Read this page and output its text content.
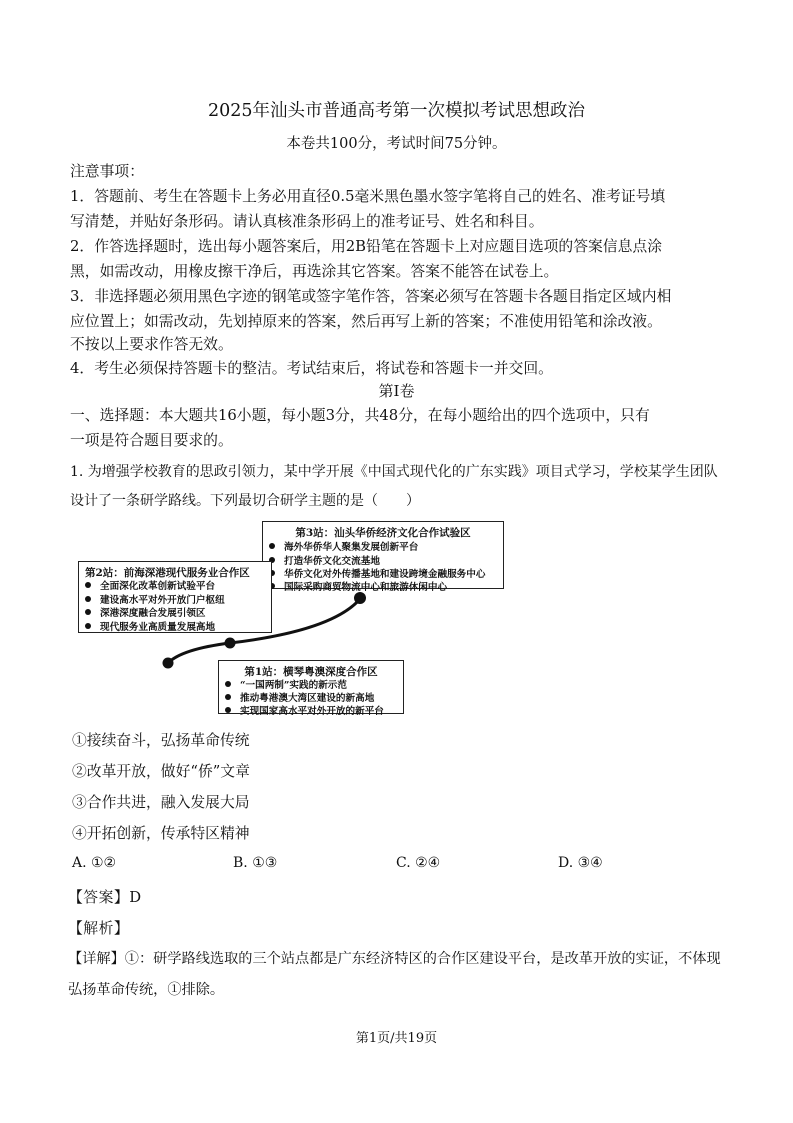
2025年汕头市普通高考第一次模拟考试思想政治
本卷共100分，考试时间75分钟。
注意事项：
1．答题前、考生在答题卡上务必用直径0.5毫米黑色墨水签字笔将自己的姓名、准考证号填
写清楚，并贴好条形码。请认真核准条形码上的准考证号、姓名和科目。
2．作答选择题时，选出每小题答案后，用2B铅笔在答题卡上对应题目选项的答案信息点涂
黑，如需改动，用橡皮擦干净后，再选涂其它答案。答案不能答在试卷上。
3．非选择题必须用黑色字迹的钢笔或签字笔作答，答案必须写在答题卡各题目指定区域内相
应位置上；如需改动，先划掉原来的答案，然后再写上新的答案；不准使用铅笔和涂改液。
不按以上要求作答无效。
4．考生必须保持答题卡的整洁。考试结束后，将试卷和答题卡一并交回。
第Ⅰ卷
一、选择题：本大题共16小题，每小题3分，共48分，在每小题给出的四个选项中，只有
一项是符合题目要求的。
1. 为增强学校教育的思政引领力，某中学开展《中国式现代化的广东实践》项目式学习，学校某学生团队
设计了一条研学路线。下列最切合研学主题的是（　　）
第3站：汕头华侨经济文化合作试验区
海外华侨华人聚集发展创新平台
打造华侨文化交流基地
华侨文化对外传播基地和建设跨境金融服务中心
国际采购商贸物流中心和旅游休闲中心
第2站：前海深港现代服务业合作区
全面深化改革创新试验平台
建设高水平对外开放门户枢纽
深港深度融合发展引领区
现代服务业高质量发展高地
第1站：横琴粤澳深度合作区
“一国两制”实践的新示范
推动粤港澳大湾区建设的新高地
实现国家高水平对外开放的新平台
①接续奋斗，弘扬革命传统
②改革开放，做好“侨”文章
③合作共进，融入发展大局
④开拓创新，传承特区精神
A. ①②	B. ①③	C. ②④	D. ③④
【答案】D
【解析】
【详解】①：研学路线选取的三个站点都是广东经济特区的合作区建设平台，是改革开放的实证，不体现
弘扬革命传统，①排除。
第1页/共19页
